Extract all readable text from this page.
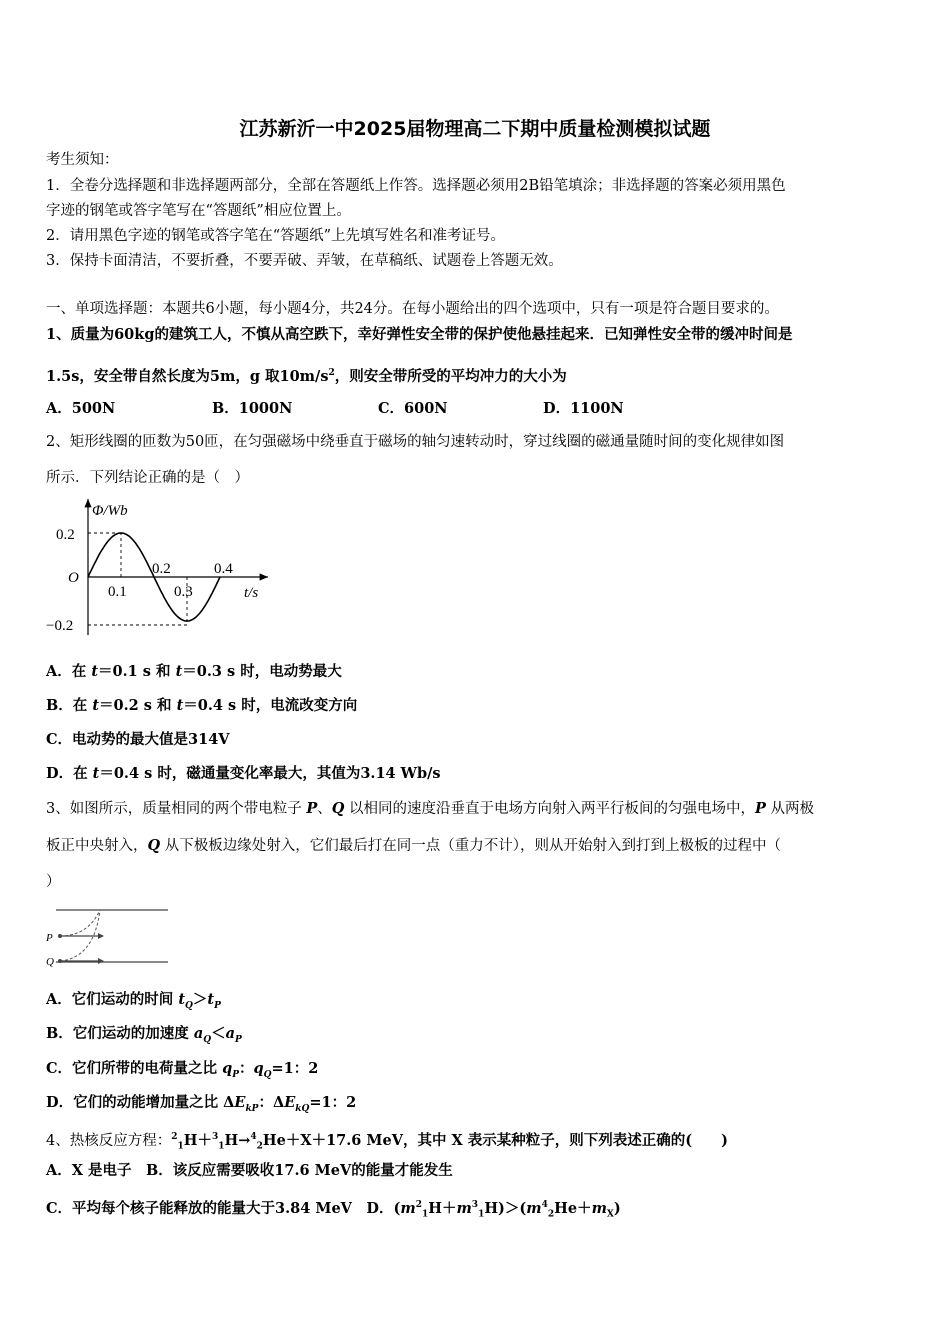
江苏新沂一中2025届物理高二下期中质量检测模拟试题
考生须知：
1．全卷分选择题和非选择题两部分，全部在答题纸上作答。选择题必须用2B铅笔填涂；非选择题的答案必须用黑色
字迹的钢笔或答字笔写在“答题纸”相应位置上。
2．请用黑色字迹的钢笔或答字笔在“答题纸”上先填写姓名和准考证号。
3．保持卡面清洁，不要折叠，不要弄破、弄皱，在草稿纸、试题卷上答题无效。
一、单项选择题：本题共6小题，每小题4分，共24分。在每小题给出的四个选项中，只有一项是符合题目要求的。
1、质量为60kg的建筑工人，不慎从高空跌下，幸好弹性安全带的保护使他悬挂起来．已知弹性安全带的缓冲时间是
1.5s，安全带自然长度为5m，g 取$10m/s^2$，则安全带所受的平均冲力的大小为
A．500N	B．1000N	C．600N	D．1100N
2、矩形线圈的匝数为50匝，在匀强磁场中绕垂直于磁场的轴匀速转动时，穿过线圈的磁通量随时间的变化规律如图
所示．下列结论正确的是（　）
Φ/Wb
0.2
O
−0.2
0.1	0.3
0.2	0.4
t/s
A．在 t＝0.1 s 和 t＝0.3 s 时，电动势最大
B．在 t＝0.2 s 和 t＝0.4 s 时，电流改变方向
C．电动势的最大值是314V
D．在 t＝0.4 s 时，磁通量变化率最大，其值为3.14 Wb/s
3、如图所示，质量相同的两个带电粒子 P、Q 以相同的速度沿垂直于电场方向射入两平行板间的匀强电场中，P 从两极
板正中央射入，Q 从下极板边缘处射入，它们最后打在同一点（重力不计），则从开始射入到打到上极板的过程中（
）
P
Q
A．它们运动的时间 $t_Q>t_P$
B．它们运动的加速度 $a_Q<a_P$
C．它们所带的电荷量之比 $q_P$：$q_Q=1$：2
D．它们的动能增加量之比 $\Delta E_{kP}$：$\Delta E_{kQ}=1$：2
4、热核反应方程：$^2_1$H＋$^3_1$H→$^4_2$He＋X＋17.6 MeV，其中 X 表示某种粒子，则下列表述正确的(　　)
A．X 是电子　B．该反应需要吸收17.6 MeV的能量才能发生
C．平均每个核子能释放的能量大于3.84 MeV　D．$(m^2_1H+m^3_1H)>(m^4_2He+m_X)$
